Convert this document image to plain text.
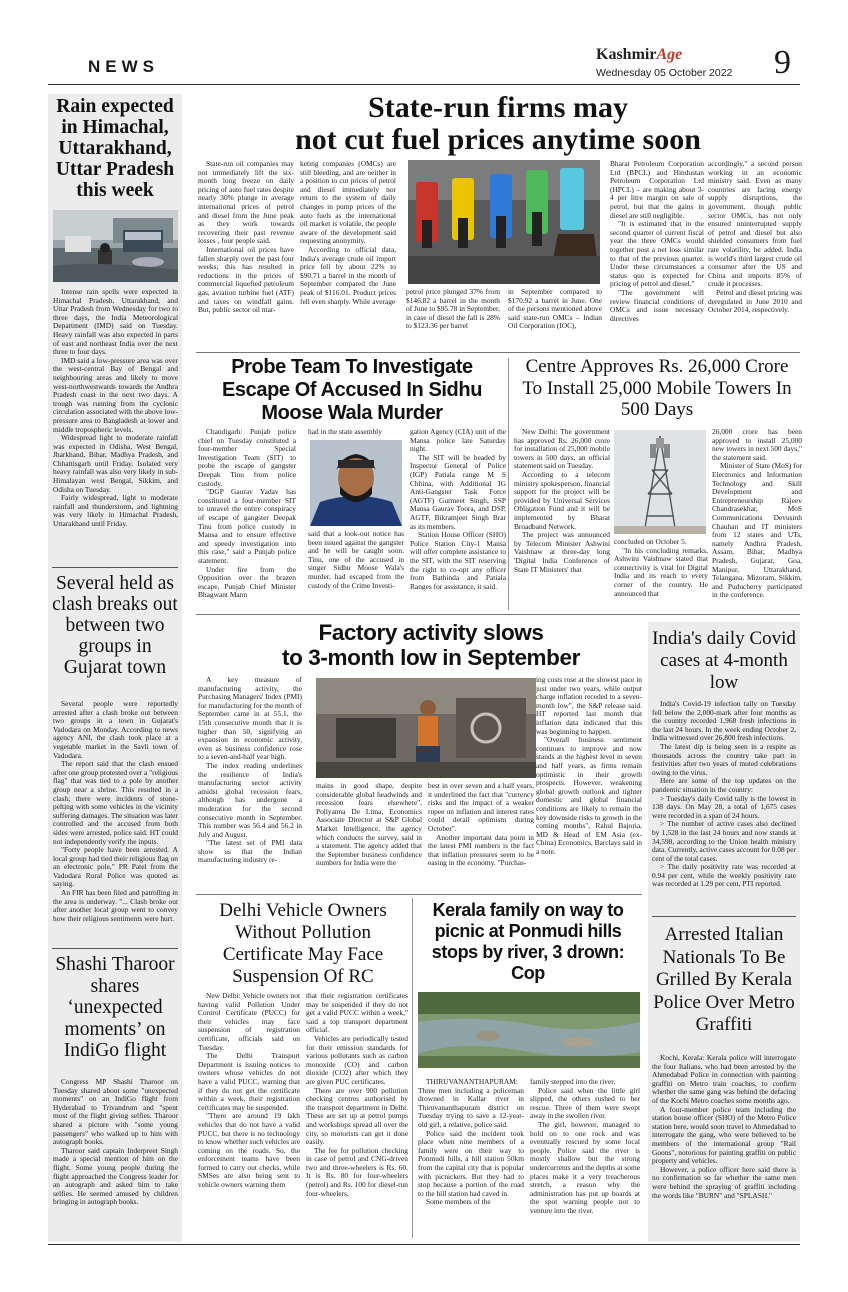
NEWS
KashmirAge
Wednesday 05 October 2022 9
Rain expected in Himachal, Uttarakhand, Uttar Pradesh this week

Intense rain spells were expected in Himachal Pradesh, Uttarakhand, and Uttar Pradesh from Wednesday for two to three days, the India Meteorological Department (IMD) said on Tuesday. Heavy rainfall was also expected in parts of east and northeast India over the next three to four days.

IMD said a low-pressure area was over the west-central Bay of Bengal and neighbouring areas and likely to move west-northwestwards towards the Andhra Pradesh coast in the next two days. A trough was running from the cyclonic circulation associated with the above low-pressure area to Bangladesh at lower and middle tropospheric levels.

Widespread light to moderate rainfall was expected in Odisha, West Bengal, Jharkhand, Bihar, Madhya Pradesh, and Chhattisgarh until Friday. Isolated very heavy rainfall was also very likely in sub-Himalayan west Bengal, Sikkim, and Odisha on Tuesday.

Fairly widespread, light to moderate rainfall and thunderstorm, and lightning was very likely in Himachal Pradesh, Uttarakhand until Friday.

Several held as clash breaks out between two groups in Gujarat town

Several people were reportedly arrested after a clash broke out between two groups in a town in Gujarat's Vadodara on Monday. According to news agency ANI, the clash took place at a vegetable market in the Savli town of Vadodara.

The report said that the clash ensued after one group protested over a "religious flag" that was tied to a pole by another group near a shrine. This resulted in a clash; there were incidents of stone-pelting with some vehicles in the vicinity suffering damages. The situation was later controlled and the accused from both sides were arrested, police said. HT could not independently verify the inputs.

"Forty people have been arrested. A local group had tied their religious flag on an electronic pole," PR Patel from the Vadodara Rural Police was quoted as saying.

An FIR has been filed and patrolling in the area is underway. "... Clash broke out after another local group went to convey how their religious sentiments were hurt.

Shashi Tharoor shares ‘unexpected moments’ on IndiGo flight

Congress MP Shashi Tharoor on Tuesday shared about some "unexpected moments" on an IndiGo flight from Hyderabad to Trivandrum and "spent most of the flight giving selfies. Tharoor shared a picture with "some young passengers" who walked up to him with autograph books.

Tharoor said captain Inderpreet Singh made a special mention of him on the flight. Some young people during the flight approached the Congress leader for an autograph and asked him to take selfies. He seemed amused by children bringing in autograph books.

State-run firms may
not cut fuel prices anytime soon

State-run oil companies may not immediately lift the six-month long freeze on daily pricing of auto fuel rates despite nearly 30% plunge in average international prices of petrol and diesel from the June peak as they work towards recovering their past revenue losses , four people said.

International oil prices have fallen sharply over the past four weeks; this has resulted in reductions in the prices of commercial liquefied petroleum gas, aviation turbine fuel (ATF) and taxes on windfall gains. But, public sector oil mar-

keting companies (OMCs) are still bleeding, and are neither in a position to cut prices of petrol and diesel immediately nor return to the system of daily changes in pump prices of the auto fuels as the international oil market is volatile, the people aware of the development said requesting anonymity.

According to official data, India's average crude oil import price fell by about 22% to $90.71 a barrel in the month of September compared the June peak of $116.01. Product prices fell even sharply. While average

petrol price plunged 37% from $146.82 a barrel in the month of June to $95.78 in September, in case of diesel the fall is 28% to $123.36 per barrel

in September compared to $170.92 a barrel in June. One of the persons mentioned above said state-run OMCs – Indian Oil Corporation (IOC),

Bharat Petroleum Corporation Ltd (BPCL) and Hindustan Petroleum Corporation Ltd (HPCL) – are making about 3-4 per litre margin on sale of petrol, but that the gains in diesel are still negligible.

"It is estimated that in the second quarter of current fiscal year the three OMCs would together post a net loss similar to that of the previous quarter. Under these circumstances a status quo is expected for pricing of petrol and diesel."

"The government will review financial conditions of OMCs and issue necessary directives

accordingly," a second person working in an economic ministry said. Even as many countries are facing energy supply disruptions, the government, though public sector OMCs, has not only ensured uninterrupted supply of petrol and diesel but also shielded consumers from fuel rate volatility, he added. India is world's third largest crude oil consumer after the US and China and imports 85% of crude it processes.

Petrol and diesel pricing was deregulated in June 2010 and October 2014, respectively.

Probe Team To Investigate Escape Of Accused In Sidhu Moose Wala Murder

Chandigarh: Punjab police chief on Tuesday constituted a four-member Special Investigation Team (SIT) to probe the escape of gangster Deepak Tinu from police custody.

"DGP Gaurav Yadav has constituted a four-member SIT to unravel the entire conspiracy of escape of gangster Deepak Tinu from police custody in Mansa and to ensure effective and speedy investigation into this case," said a Punjab police statement.

Under fire from the Opposition over the brazen escape, Punjab Chief Minister Bhagwant Mann

had in the state assembly

said that a look-out notice has been issued against the gangster and he will be caught soon. Tinu, one of the accused in singer Sidhu Moose Wala's murder, had escaped from the custody of the Crime Investi-

gation Agency (CIA) unit of the Mansa police late Saturday night.

The SIT will be headed by Inspector General of Police (IGP) Patiala range M S Chhina, with Additional IG Anti-Gangster Task Force (AGTF) Gurmeet Singh, SSP Mansa Gaurav Toora, and DSP, AGTF, Bikramjeet Singh Brar as its members.

Station House Officer (SHO) Police Station City-1 Mansa will offer complete assistance to the SIT, with the SIT reserving the right to co-opt any officer from Bathinda and Patiala Ranges for assistance, it said.

Centre Approves Rs. 26,000 Crore To Install 25,000 Mobile Towers In 500 Days

New Delhi: The government has approved Rs. 26,000 crore for installation of 25,000 mobile towers in 500 days, an official statement said on Tuesday.

According to a telecom ministry spokesperson, financial support for the project will be provided by Universal Services Obligation Fund and it will be implemented by Bharat Broadband Network.

The project was announced by Telecom Minister Ashwini Vaishnaw at three-day long 'Digital India Conference of State IT Ministers' that

concluded on October 5.

"In his concluding remarks, Ashwini Vaishnaw stated that connectivity is vital for Digital India and its reach to every corner of the country. He announced that

26,000 crore has been approved to install 25,000 new towers in next 500 days," the statement said.

Minister of State (MoS) for Electronics and Information Technology and Skill Development and Entrepreneurship Rajeev Chandrasekhar, MoS Communications Devusinh Chauhan and IT ministers from 12 states and UTs, namely Andhra Pradesh, Assam, Bihar, Madhya Pradesh, Gujarat, Goa, Manipur, Uttarakhand, Telangana, Mizoram, Sikkim, and Puducherry participated in the conference.

Factory activity slows
to 3-month low in September

A key measure of manufacturing activity, the Purchasing Managers' Index (PMI) for manufacturing for the month of September came in at 55.1, the 15th consecutive month that it is higher than 50, signifying an expansion in economic activity, even as business confidence rose to a seven-and-half year high.

The index reading underlines the resilience of India's manufacturing sector activity amidst global recession fears, although has undergone a moderation for the second consecutive month in September. This number was 56.4 and 56.2 in July and August.

"The latest set of PMI data show us that the Indian manufacturing industry re-

mains in good shape, despite considerable global headwinds and recession fears elsewhere", Pollyanna De Lima, Economics Associate Director at S&P Global Market Intelligence, the agency which conducts the survey, said in a statement. The agency added that the September business confidence numbers for India were the

best in over seven and a half years, it underlined the fact that "currency risks and the impact of a weaker rupee on inflation and interest rates could derail optimism during October".

Another important data point in the latest PMI numbers is the fact that inflation pressures seem to be easing in the economy. "Purchas-

ing costs rose at the slowest pace in just under two years, while output charge inflation receded to a seven-month low", the S&P release said. HT reported last month that inflation data indicated that this was beginning to happen.

"Overall business sentiment continues to improve and now stands at the highest level in seven and half years, as firms remain optimistic in their growth prospects. However, weakening global growth outlook and tighter domestic and global financial conditions are likely to remain the key downside risks to growth in the coming months", Rahul Bajoria, MD & Head of EM Asia (ex-China) Economics, Barclays said in a note.

India's daily Covid cases at 4-month low

India's Covid-19 infection tally on Tuesday fell below the 2,000-mark after four months as the country recorded 1,968 fresh infections in the last 24 hours. In the week ending October 2, India witnessed over 26,800 fresh infections.

The latest dip is being seen in a respite as thousands across the country take part in festivities after two years of muted celebrations owing to the virus.

Here are some of the top updates on the pandemic situation in the country:

> Tuesday's daily Covid tally is the lowest in 138 days. On May 28, a total of 1,675 cases were recorded in a span of 24 hours.

> The number of active cases also declined by 1,528 in the last 24 hours and now stands at 34,598, according to the Union health ministry data. Currently, active cases account for 0.08 per cent of the total cases.

> The daily positivity rate was recorded at 0.94 per cent, while the weekly positivity rate was recorded at 1.29 per cent, PTI reported.

Arrested Italian Nationals To Be Grilled By Kerala Police Over Metro Graffiti

Kochi, Kerala: Kerala police will interrogate the four Italians, who had been arrested by the Ahmedabad Police in connection with painting graffiti on Metro train coaches, to confirm whether the same gang was behind the defacing of the Kochi Metro coaches some months ago.

A four-member police team including the station house officer (SHO) of the Metro Police station here, would soon travel to Ahmedabad to interrogate the gang, who were believed to be members of the international group "Rail Goons", notorious for painting graffiti on public property and vehicles.

However, a police officer here said there is no confirmation so far whether the same men were behind the spraying of graffiti including the words like "BURN" and "SPLASH."

Delhi Vehicle Owners Without Pollution Certificate May Face Suspension Of RC

New Delhi: Vehicle owners not having valid Pollution Under Control Certificate (PUCC) for their vehicles may face suspension of registration certificate, officials said on Tuesday.

The Delhi Transport Department is issuing notices to owners whose vehicles do not have a valid PUCC, warning that if they do not get the certificate within a week, their registration certificates may be suspended.

"There are around 19 lakh vehicles that do not have a valid PUCC, but there is no technology to know whether such vehicles are coming on the roads. So, the enforcement teams have been formed to carry out checks, while SMSes are also being sent to vehicle owners warning them

that their registration certificates may be suspended if they do not get a valid PUCC within a week," said a top transport department official.

Vehicles are periodically tested for their emission standards for various pollutants such as carbon monoxide (CO) and carbon dioxide (CO2) after which they are given PUC certificates.

There are over 900 pollution checking centres authorised by the transport department in Delhi. These are set up at petrol pumps and workshops spread all over the city, so motorists can get it done easily.

The fee for pollution checking in case of petrol and CNG-driven two and three-wheelers is Rs. 60. It is Rs. 80 for four-wheelers (petrol) and Rs. 100 for diesel-run four-wheelers.

Kerala family on way to picnic at Ponmudi hills stops by river, 3 drown: Cop

THIRUVANANTHAPURAM: Three men including a policeman drowned in Kallar river in Thiruvananthapuram district on Tuesday trying to save a 12-year-old girl, a relative, police said.

Police said the incident took place when nine members of a family were on their way to Ponmudi hills, a hill station 50km from the capital city that is popular with picnickers. But they had to stop because a portion of the road to the hill station had caved in.

Some members of the

family stepped into the river.

Police said when the little girl slipped, the others rushed to her rescue. Three of them were swept away in the swollen river.

The girl, however, managed to hold on to one rock and was eventually rescued by some local people. Police said the river is mostly shallow but the strong undercurrents and the depths at some places make it a very treacherous stretch, a reason why the administration has put up boards at the spot warning people not to venture into the river.
